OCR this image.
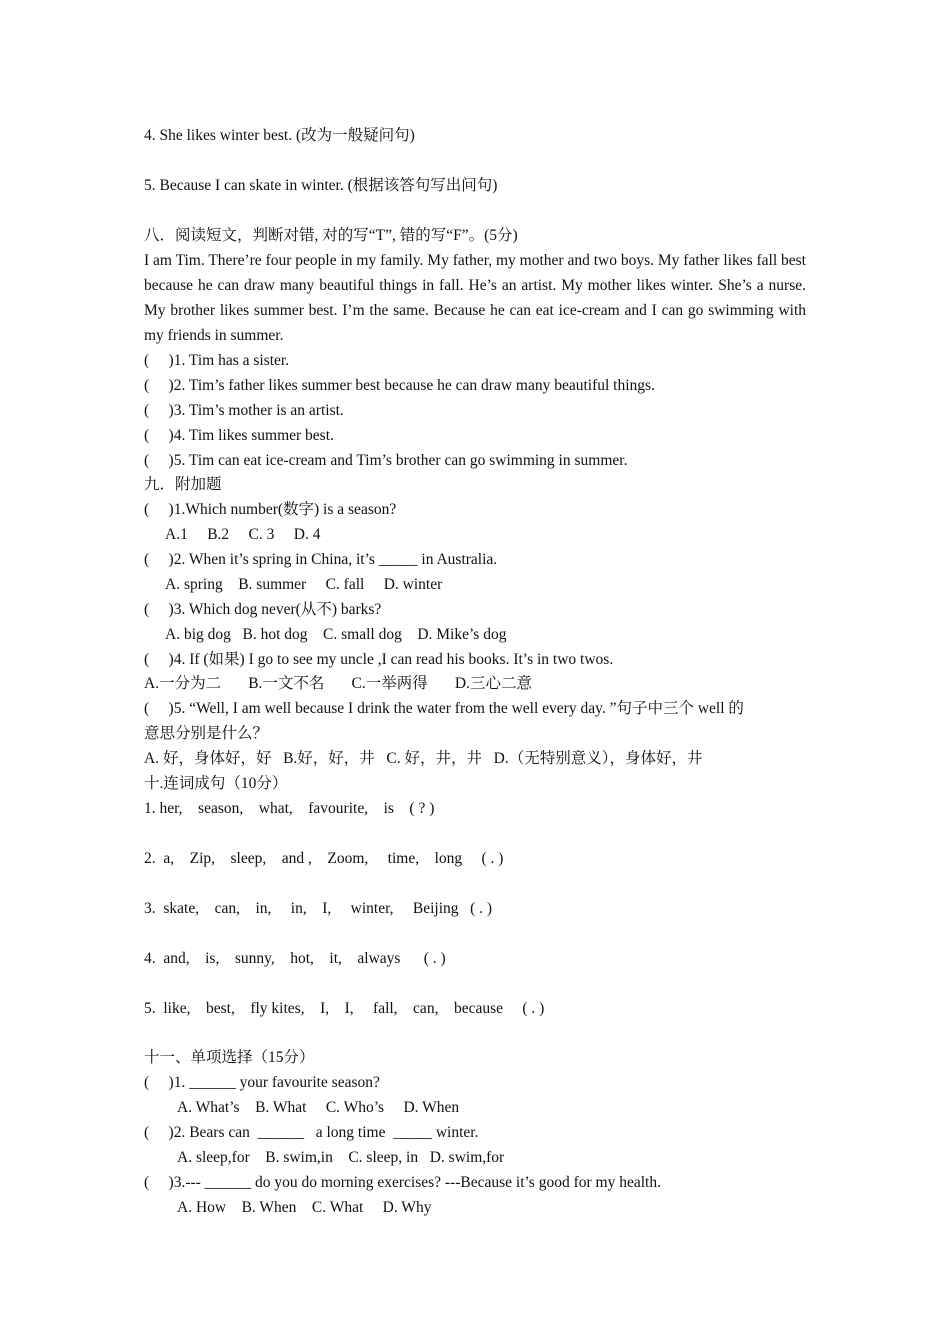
4. She likes winter best. (改为一般疑问句)
5. Because I can skate in winter. (根据该答句写出问句)
八．阅读短文，判断对错, 对的写“T”, 错的写“F”。(5分)
I am Tim. There’re four people in my family. My father, my mother and two boys. My father likes fall best because he can draw many beautiful things in fall. He’s an artist. My mother likes winter. She’s a nurse. My brother likes summer best. I’m the same. Because he can eat ice-cream and I can go swimming with my friends in summer.
(　 )1. Tim has a sister.
(　 )2. Tim’s father likes summer best because he can draw many beautiful things.
(　 )3. Tim’s mother is an artist.
(　 )4. Tim likes summer best.
(　 )5. Tim can eat ice-cream and Tim’s brother can go swimming in summer.
九．附加题
(　 )1.Which number(数字) is a season?
A.1     B.2     C. 3     D. 4
(　 )2. When it’s spring in China, it’s _____ in Australia.
A. spring    B. summer     C. fall     D. winter
(　 )3. Which dog never(从不) barks?
A. big dog   B. hot dog    C. small dog    D. Mike’s dog
(　 )4. If (如果) I go to see my uncle ,I can read his books. It’s in two twos.
A.一分为二       B.一文不名       C.一举两得       D.三心二意
(　 )5. “Well, I am well because I drink the water from the well every day. ”句子中三个 well 的
意思分别是什么？
A. 好，身体好，好   B.好，好，井   C. 好，井，井   D.（无特别意义），身体好，井
十.连词成句（10分）
1. her,    season,    what,    favourite,    is    ( ? )
2.  a,    Zip,    sleep,    and ,    Zoom,     time,    long     ( . )
3.  skate,    can,    in,     in,    I,     winter,     Beijing   ( . )
4.  and,    is,    sunny,    hot,    it,    always      ( . )
5.  like,    best,    fly kites,    I,    I,     fall,    can,    because     ( . )
十一、单项选择（15分）
(　 )1. ______ your favourite season?
A. What’s    B. What     C. Who’s     D. When
(　 )2. Bears can  ______   a long time  _____ winter.
A. sleep,for    B. swim,in    C. sleep, in   D. swim,for
(　 )3.--- ______ do you do morning exercises? ---Because it’s good for my health.
A. How    B. When    C. What     D. Why
